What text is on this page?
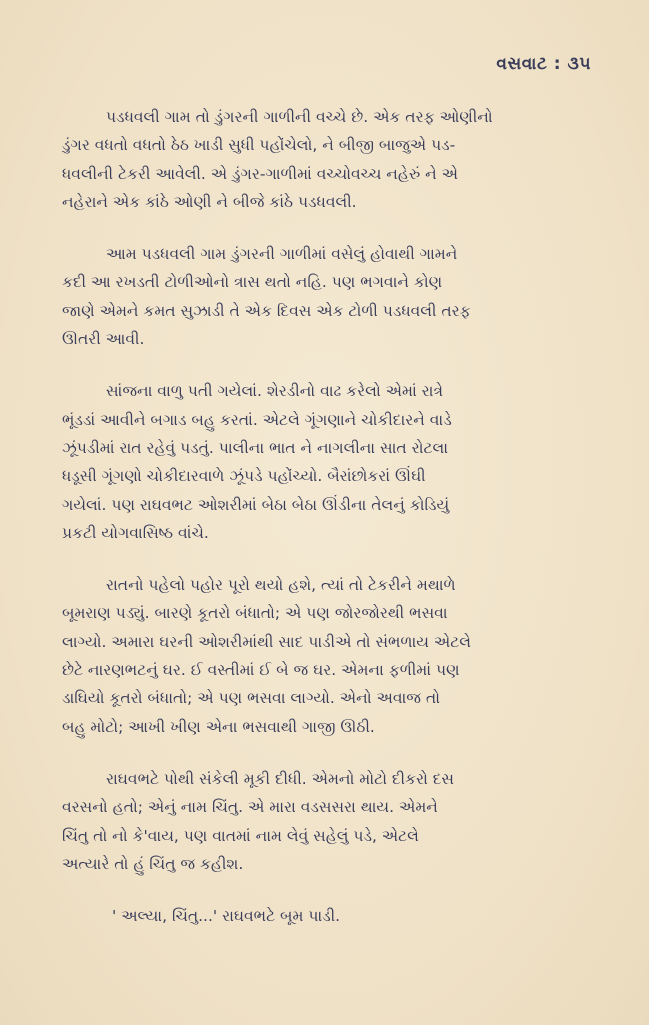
વસવાટ : ૩૫
પડધવલી ગામ તો ડુંગરની ગાળીની વચ્ચે છે. એક તરફ ઓણીનો
ડુંગર વધતો વધતો ઠેઠ ખાડી સુધી પહોંચેલો, ને બીજી બાજુએ પડ-
ધવલીની ટેકરી આવેલી. એ ડુંગર-ગાળીમાં વચ્ચોવચ્ચ નહેરું ને એ
નહેરાને એક કાંઠે ઓણી ને બીજે કાંઠે પડધવલી.
આમ પડધવલી ગામ ડુંગરની ગાળીમાં વસેલું હોવાથી ગામને
કદી આ રખડતી ટોળીઓનો ત્રાસ થતો નહિ. પણ ભગવાને કોણ
જાણે એમને કમત સુઝાડી તે એક દિવસ એક ટોળી પડધવલી તરફ
ઊતરી આવી.
સાંજના વાળુ પતી ગયેલાં. શેરડીનો વાઢ કરેલો એમાં રાત્રે
ભૂંડડાં આવીને બગાડ બહુ કરતાં. એટલે ગૂંગણાને ચોકીદારને વાડે
ઝૂંપડીમાં રાત રહેવું પડતું. પાલીના ભાત ને નાગલીના સાત રોટલા
ધડૂસી ગૂંગણો ચોકીદારવાળે ઝૂંપડે પહોંચ્યો. બૈરાંછોકરાં ઊંઘી
ગયેલાં. પણ રાઘવભટ ઓશરીમાં બેઠા બેઠા ઊંડીના તેલનું કોડિયું
પ્રકટી યોગવાસિષ્ઠ વાંચે.
રાતનો પહેલો પહોર પૂરો થયો હશે, ત્યાં તો ટેકરીને મથાળે
બૂમરાણ પડ્યું. બારણે કૂતરો બંધાતો; એ પણ જોરજોરથી ભસવા
લાગ્યો. અમારા ઘરની ઓશરીમાંથી સાદ પાડીએ તો સંભળાય એટલે
છેટે નારણભટનું ઘર. ઈ વસ્તીમાં ઈ બે જ ઘર. એમના ફળીમાં પણ
ડાઘિયો કૂતરો બંધાતો; એ પણ ભસવા લાગ્યો. એનો અવાજ તો
બહુ મોટો; આખી ખીણ એના ભસવાથી ગાજી ઊઠી.
રાઘવભટે પોથી સંકેલી મૂકી દીધી. એમનો મોટો દીકરો દસ
વરસનો હતો; એનું નામ ચિંતુ. એ મારા વડસસરા થાય. એમને
ચિંતુ તો નો કે'વાય, પણ વાતમાં નામ લેવું સહેલું પડે, એટલે
અત્યારે તો હું ચિંતુ જ કહીશ.
' અલ્યા, ચિંતુ...' રાઘવભટે બૂમ પાડી.
